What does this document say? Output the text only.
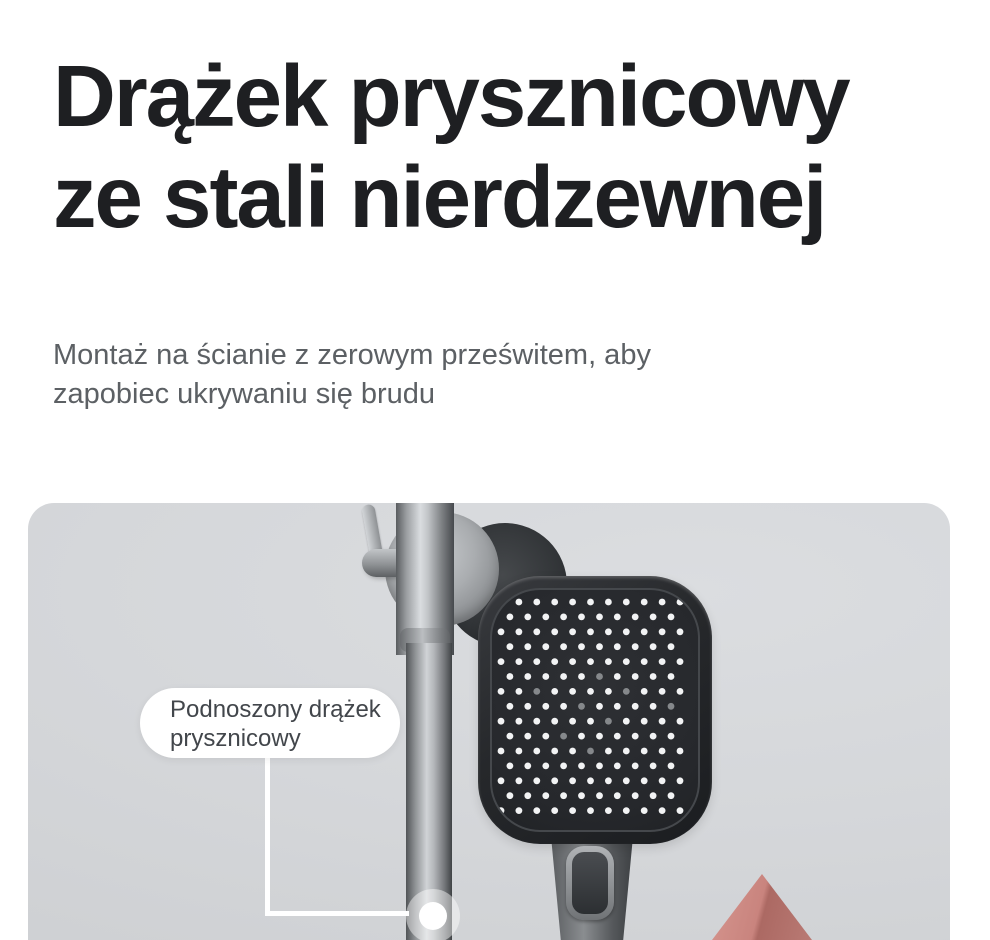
Drążek prysznicowy
ze stali nierdzewnej

Montaż na ścianie z zerowym prześwitem, aby
zapobiec ukrywaniu się brudu

Podnoszony drążek
prysznicowy
